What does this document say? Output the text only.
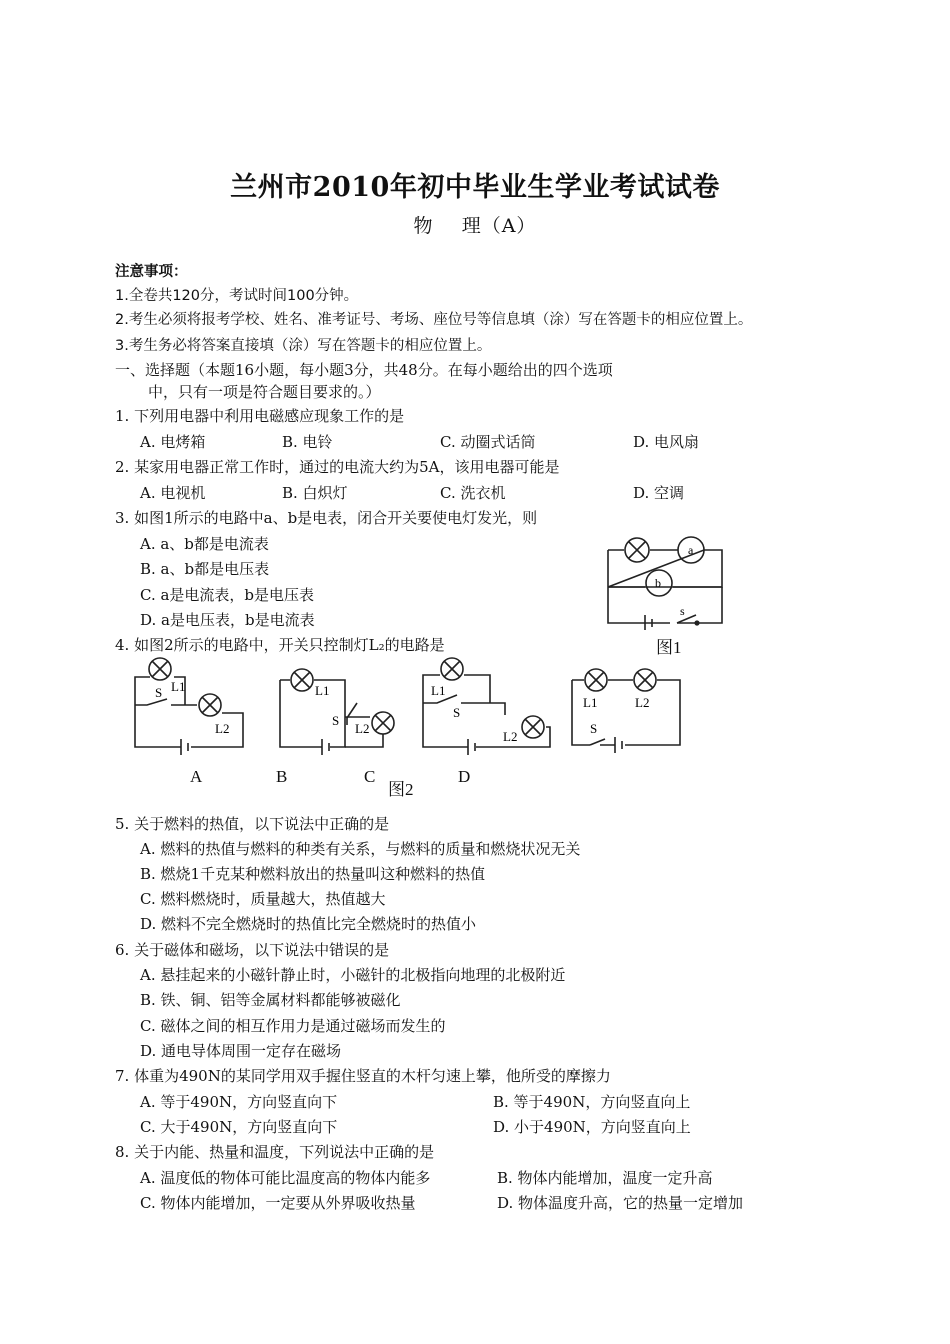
兰州市2010年初中毕业生学业考试试卷
物    理（A）
注意事项：
1.全卷共120分，考试时间100分钟。
2.考生必须将报考学校、姓名、准考证号、考场、座位号等信息填（涂）写在答题卡的相应位置上。
3.考生务必将答案直接填（涂）写在答题卡的相应位置上。
一、选择题（本题16小题，每小题3分，共48分。在每小题给出的四个选项
中，只有一项是符合题目要求的。）
1. 下列用电器中利用电磁感应现象工作的是
A. 电烤箱	B. 电铃	C. 动圈式话筒	D. 电风扇
2. 某家用电器正常工作时，通过的电流大约为5A，该用电器可能是
A. 电视机	B. 白炽灯	C. 洗衣机	D. 空调
3. 如图1所示的电路中a、b是电表，闭合开关要使电灯发光，则
A. a、b都是电流表
B. a、b都是电压表
C. a是电流表，b是电压表
D. a是电压表，b是电流表
a
b
s
图1
4. 如图2所示的电路中，开关只控制灯L₂的电路是
S L1
L2
L1
S
L2
L1
S
L2
L1	L2
S
A	B	C	D
图2
5. 关于燃料的热值，以下说法中正确的是
A. 燃料的热值与燃料的种类有关系，与燃料的质量和燃烧状况无关
B. 燃烧1千克某种燃料放出的热量叫这种燃料的热值
C. 燃料燃烧时，质量越大，热值越大
D. 燃料不完全燃烧时的热值比完全燃烧时的热值小
6. 关于磁体和磁场，以下说法中错误的是
A. 悬挂起来的小磁针静止时，小磁针的北极指向地理的北极附近
B. 铁、铜、铝等金属材料都能够被磁化
C. 磁体之间的相互作用力是通过磁场而发生的
D. 通电导体周围一定存在磁场
7. 体重为490N的某同学用双手握住竖直的木杆匀速上攀，他所受的摩擦力
A. 等于490N，方向竖直向下	B. 等于490N，方向竖直向上
C. 大于490N，方向竖直向下	D. 小于490N，方向竖直向上
8. 关于内能、热量和温度，下列说法中正确的是
A. 温度低的物体可能比温度高的物体内能多	B. 物体内能增加，温度一定升高
C. 物体内能增加，一定要从外界吸收热量	D. 物体温度升高，它的热量一定增加
